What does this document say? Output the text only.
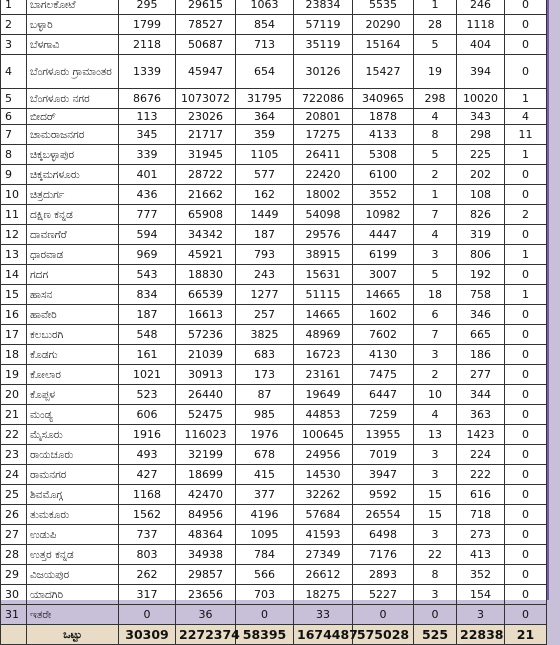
1	ಬಾಗಲಕೋಟೆ	295	29615	1063	23834	5535	1	246	0
2	ಬಳ್ಳಾರಿ	1799	78527	854	57119	20290	28	1118	0
3	ಬೆಳಗಾವಿ	2118	50687	713	35119	15164	5	404	0
4	ಬೆಂಗಳೂರು ಗ್ರಾಮಾಂತರ	1339	45947	654	30126	15427	19	394	0
5	ಬೆಂಗಳೂರು ನಗರ	8676	1073072	31795	722086	340965	298	10020	1
6	ಬೀದರ್	113	23026	364	20801	1878	4	343	4
7	ಚಾಮರಾಜನಗರ	345	21717	359	17275	4133	8	298	11
8	ಚಿಕ್ಕಬಳ್ಳಾಪುರ	339	31945	1105	26411	5308	5	225	1
9	ಚಿಕ್ಕಮಗಳೂರು	401	28722	577	22420	6100	2	202	0
10	ಚಿತ್ರದುರ್ಗ	436	21662	162	18002	3552	1	108	0
11	ದಕ್ಷಿಣ ಕನ್ನಡ	777	65908	1449	54098	10982	7	826	2
12	ದಾವಣಗೆರೆ	594	34342	187	29576	4447	4	319	0
13	ಧಾರವಾಡ	969	45921	793	38915	6199	3	806	1
14	ಗದಗ	543	18830	243	15631	3007	5	192	0
15	ಹಾಸನ	834	66539	1277	51115	14665	18	758	1
16	ಹಾವೇರಿ	187	16613	257	14665	1602	6	346	0
17	ಕಲಬುರಗಿ	548	57236	3825	48969	7602	7	665	0
18	ಕೊಡಗು	161	21039	683	16723	4130	3	186	0
19	ಕೋಲಾರ	1021	30913	173	23161	7475	2	277	0
20	ಕೊಪ್ಪಳ	523	26440	87	19649	6447	10	344	0
21	ಮಂಡ್ಯ	606	52475	985	44853	7259	4	363	0
22	ಮೈಸೂರು	1916	116023	1976	100645	13955	13	1423	0
23	ರಾಯಚೂರು	493	32199	678	24956	7019	3	224	0
24	ರಾಮನಗರ	427	18699	415	14530	3947	3	222	0
25	ಶಿವಮೊಗ್ಗ	1168	42470	377	32262	9592	15	616	0
26	ತುಮಕೂರು	1562	84956	4196	57684	26554	15	718	0
27	ಉಡುಪಿ	737	48364	1095	41593	6498	3	273	0
28	ಉತ್ತರ ಕನ್ನಡ	803	34938	784	27349	7176	22	413	0
29	ವಿಜಯಪುರ	262	29857	566	26612	2893	8	352	0
30	ಯಾದಗಿರಿ	317	23656	703	18275	5227	3	154	0
31	ಇತರೇ	0	36	0	33	0	0	3	0
	ಒಟ್ಟು	30309	2272374	58395	1674487	575028	525	22838	21
